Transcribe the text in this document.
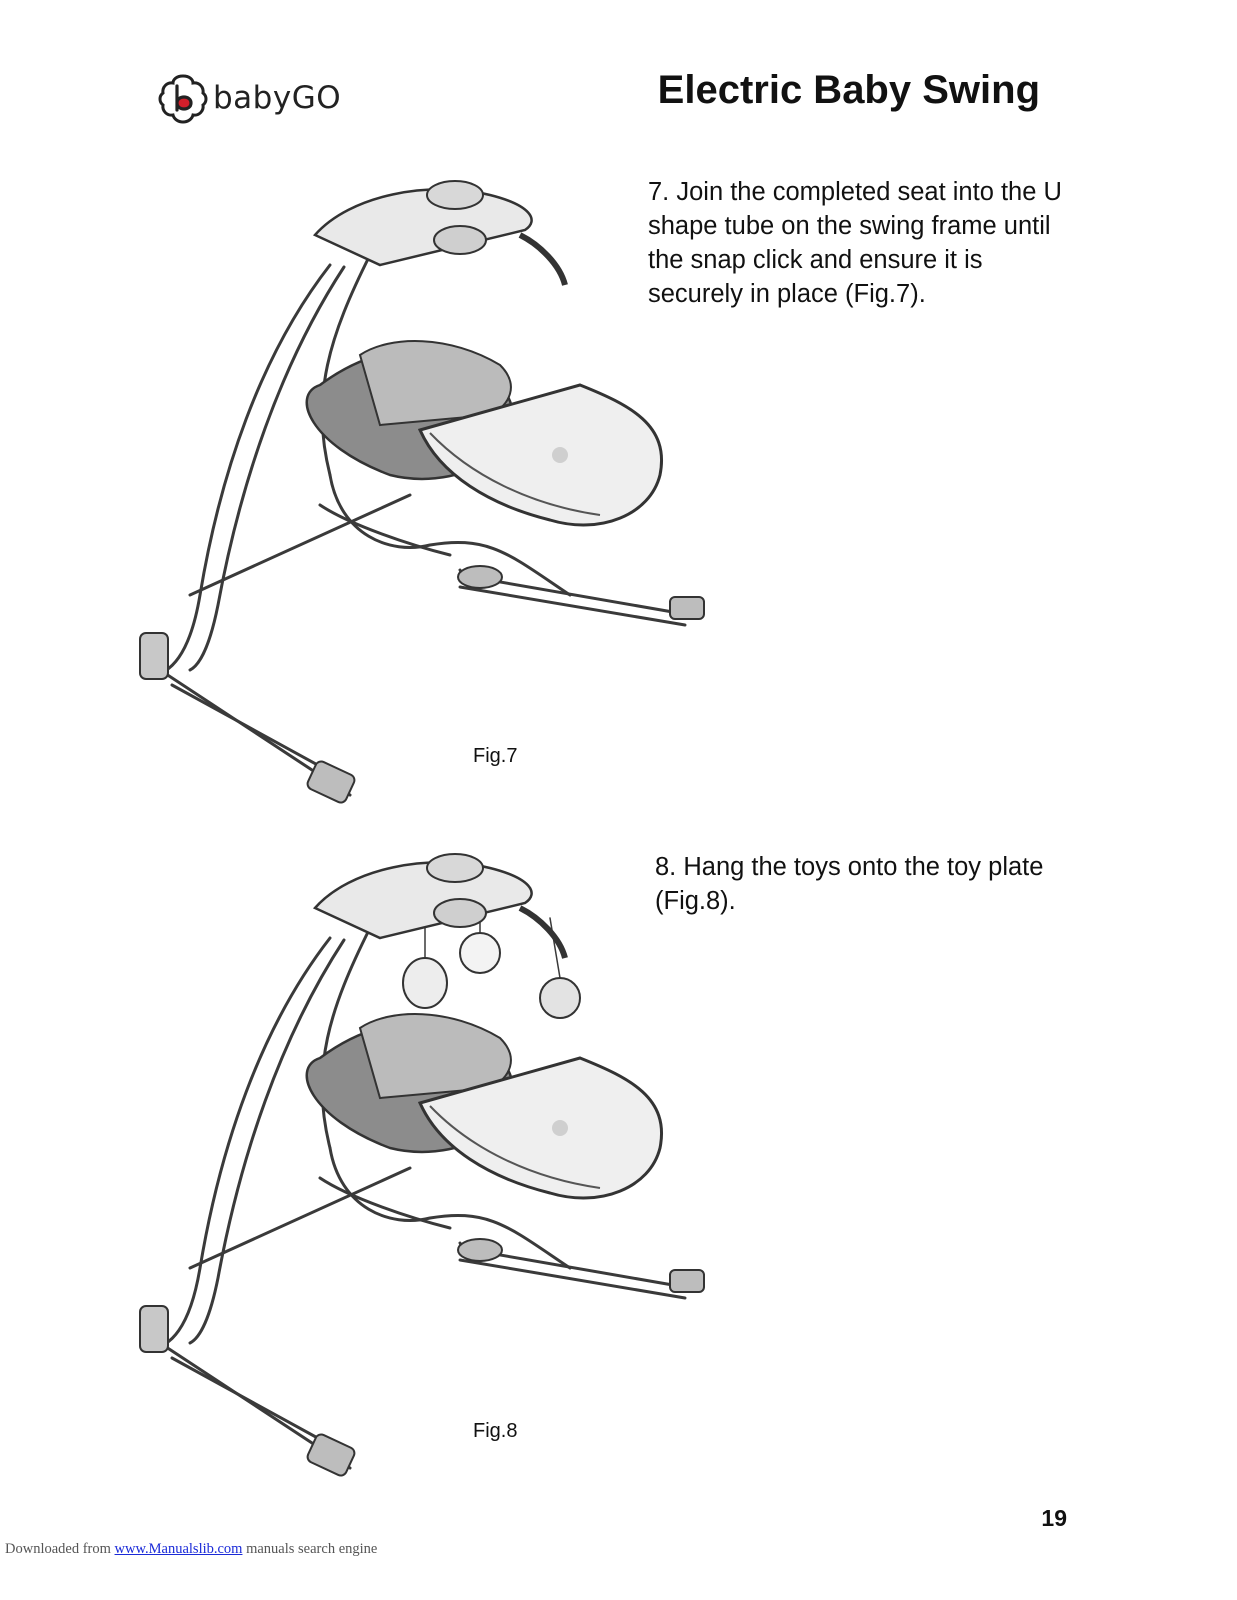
babyGO	Electric Baby Swing
7. Join the completed seat into the U shape tube on the swing frame until the snap click and ensure it is securely in place (Fig.7).
Fig.7
8. Hang the toys onto the toy plate (Fig.8).
Fig.8
19
Downloaded from www.Manualslib.com manuals search engine
